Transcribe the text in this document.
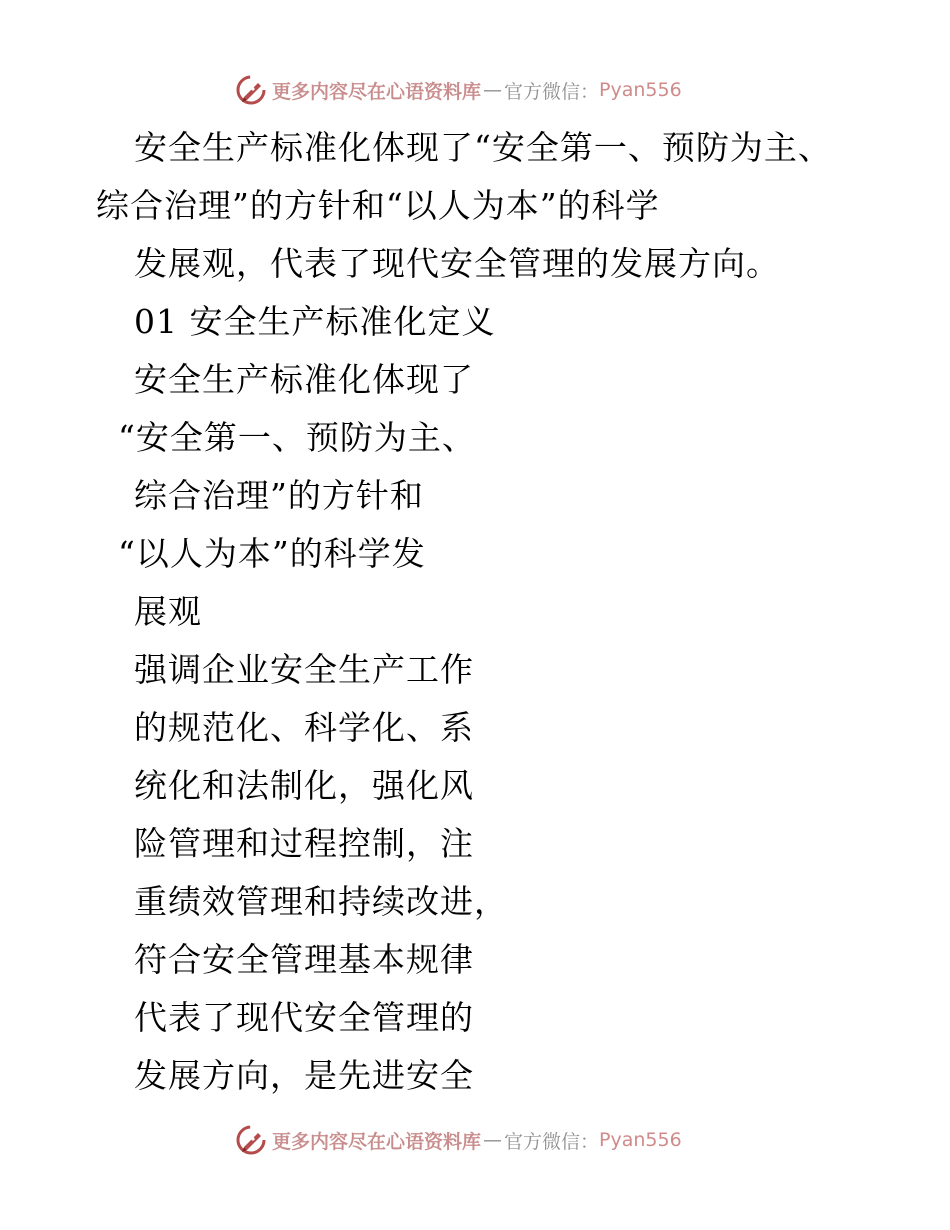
更多内容尽在心语资料库 — 官方微信： Pyan556
安全生产标准化体现了“安全第一、预防为主、
综合治理”的方针和“以人为本”的科学
发展观，代表了现代安全管理的发展方向。
01 安全生产标准化定义
安全生产标准化体现了
“安全第一、预防为主、
综合治理”的方针和
“以人为本”的科学发
展观
强调企业安全生产工作
的规范化、科学化、系
统化和法制化，强化风
险管理和过程控制，注
重绩效管理和持续改进，
符合安全管理基本规律
代表了现代安全管理的
发展方向，是先进安全
更多内容尽在心语资料库 — 官方微信： Pyan556
